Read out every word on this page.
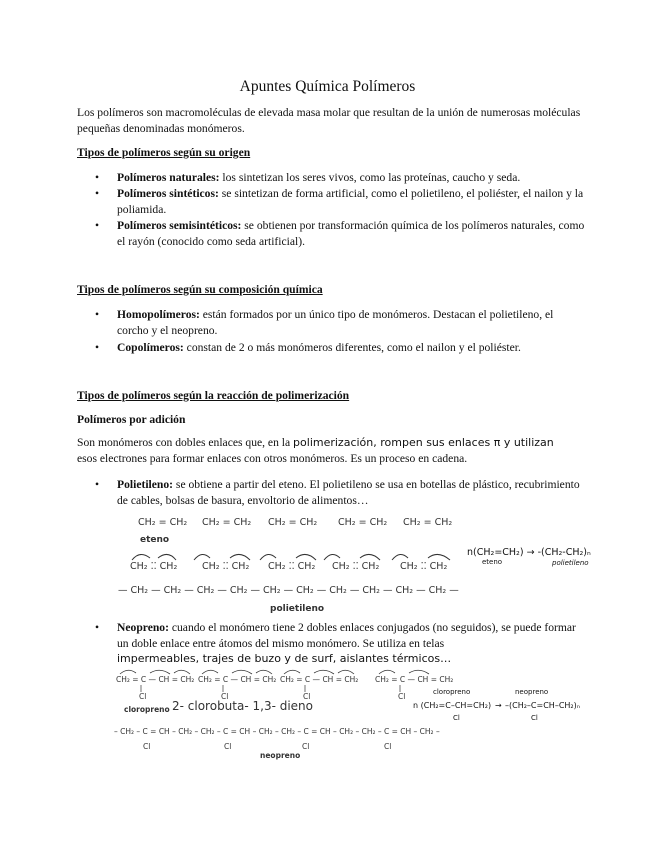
Apuntes Química Polímeros
Los polímeros son macromoléculas de elevada masa molar que resultan de la unión de numerosas moléculas pequeñas denominadas monómeros.
Tipos de polímeros según su origen
• Polímeros naturales: los sintetizan los seres vivos, como las proteínas, caucho y seda.
• Polímeros sintéticos: se sintetizan de forma artificial, como el polietileno, el poliéster, el nailon y la poliamida.
• Polímeros semisintéticos: se obtienen por transformación química de los polímeros naturales, como el rayón (conocido como seda artificial).
Tipos de polímeros según su composición química
• Homopolímeros: están formados por un único tipo de monómeros. Destacan el polietileno, el corcho y el neopreno.
• Copolímeros: constan de 2 o más monómeros diferentes, como el nailon y el poliéster.
Tipos de polímeros según la reacción de polimerización
Polímeros por adición
Son monómeros con dobles enlaces que, en la polimerización, rompen sus enlaces π y utilizan
esos electrones para formar enlaces con otros monómeros. Es un proceso en cadena.
• Polietileno: se obtiene a partir del eteno. El polietileno se usa en botellas de plástico, recubrimiento de cables, bolsas de basura, envoltorio de alimentos…
CH₂ = CH₂ CH₂ = CH₂ CH₂ = CH₂ CH₂ = CH₂ CH₂ = CH₂
eteno
CH₂ ⁚⁚ CH₂	CH₂ ⁚⁚ CH₂ CH₂ ⁚⁚ CH₂ CH₂ ⁚⁚ CH₂ CH₂ ⁚⁚ CH₂
— CH₂ — CH₂ — CH₂ — CH₂ — CH₂ — CH₂ — CH₂ — CH₂ — CH₂ — CH₂ —
polietileno
n(CH₂=CH₂) → ‑(CH₂‑CH₂)ₙ
eteno	polietileno
• Neopreno: cuando el monómero tiene 2 dobles enlaces conjugados (no seguidos), se puede formar un doble enlace entre átomos del mismo monómero. Se utiliza en telas
impermeables, trajes de buzo y de surf, aislantes térmicos…
CH₂ = C — CH = CH₂ CH₂ = C — CH = CH₂ CH₂ = C — CH = CH₂ CH₂ = C — CH = CH₂
Cl	Cl	Cl	Cl
cloropreno 2- clorobuta- 1,3- dieno
– CH₂ – C = CH – CH₂ – CH₂ – C = CH – CH₂ – CH₂ – C = CH – CH₂ – CH₂ – C = CH – CH₂ –
Cl	Cl	Cl	Cl
neopreno
cloropreno	neopreno
n (CH₂=C–CH=CH₂) → –(CH₂–C=CH–CH₂)ₙ
Cl	Cl
